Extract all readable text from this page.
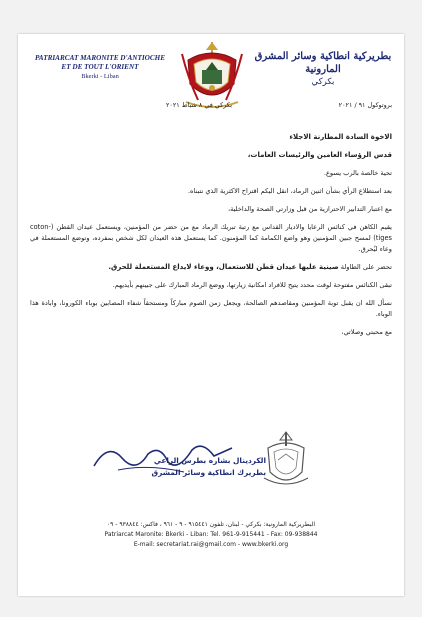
PATRIARCAT MARONITE D'ANTIOCHE
ET DE TOUT L'ORIENT
Bkerki - Liban
بطريركية انطاكية وسائر المشرق المارونية
بكركي
بكركي في ٨ شباط ٢٠٢١	بروتوكول ٩١ / ٢٠٢١

الاخوة السادة المطارنة الاجلاء

قدس الرؤساء العامين والرئيسات العامات،

تحية خالصة بالرب يسوع.

بعد استطلاع الرأي بشأن اثنين الرماد، انقل اليكم اقتراح الاكثرية الذي نتبناه.

مع اعتبار التدابير الاحترازية من قبل وزارتي الصحة والداخلية،

يقيم الكاهن في كنائس الرعايا والاديار القداس مع رتبة تبريك الرماد مع من حضر من المؤمنين، ويستعمل عيدان القطن (coton-tiges) لمسح جبين المؤمنين وهو واضع الكمامة كما المؤمنون. كما يستعمل هذه العيدان لكل شخص بمفرده، وتوضع المستعملة في وعاء ليُحرق.

تحضر على الطاولة صينية عليها عيدان قطن للاستعمال، ووعاء لايداع المستعملة للحرق.

تبقى الكنائس مفتوحة لوقت محدد يتيح للافراد امكانية زيارتها، ووضع الرماد المبارك على جبينهم بأيديهم.

نسأل الله ان يقبل توبة المؤمنين ومقاصدهم الصالحة، ويجعل زمن الصوم مباركاً ومستحقاً شفاء المصابين بوباء الكورونا، وابادة هذا الوباء.

مع محبتي وصلاتي،

الكردينال بشاره بطرس الراعي
بطريرك انطاكية وسائر المشرق
البطريركية المارونية: بكركي - لبنان، تلفون ٩١٥٤٤١ - ٩ - ٩٦١ ، فاكس: ٩٣٨٨٤٤ - ٠٩
Patriarcat Maronite: Bkerki - Liban: Tel. 961-9-915441 - Fax: 09-938844
E-mail: secretariat.rai@gmail.com - www.bkerki.org
